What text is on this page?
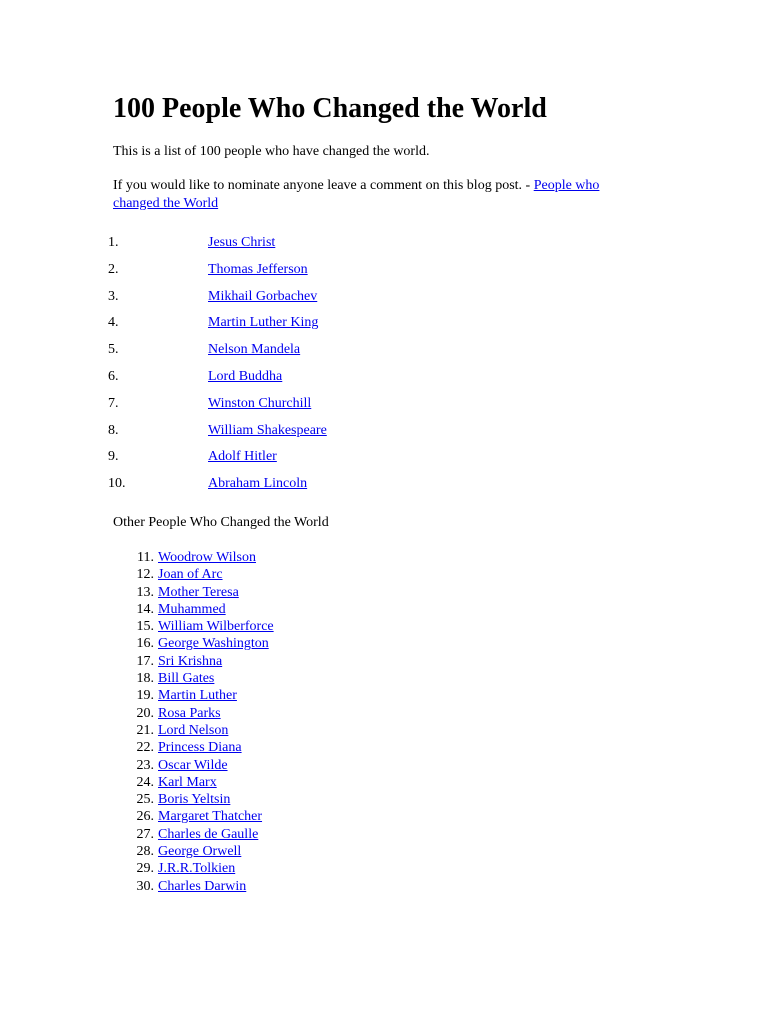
100 People Who Changed the World

This is a list of 100 people who have changed the world.

If you would like to nominate anyone leave a comment on this blog post. - People who changed the World

1.	Jesus Christ
2.	Thomas Jefferson
3.	Mikhail Gorbachev
4.	Martin Luther King
5.	Nelson Mandela
6.	Lord Buddha
7.	Winston Churchill
8.	William Shakespeare
9.	Adolf Hitler
10.	Abraham Lincoln

Other People Who Changed the World

11. Woodrow Wilson
12. Joan of Arc
13. Mother Teresa
14. Muhammed
15. William Wilberforce
16. George Washington
17. Sri Krishna
18. Bill Gates
19. Martin Luther
20. Rosa Parks
21. Lord Nelson
22. Princess Diana
23. Oscar Wilde
24. Karl Marx
25. Boris Yeltsin
26. Margaret Thatcher
27. Charles de Gaulle
28. George Orwell
29. J.R.R.Tolkien
30. Charles Darwin
